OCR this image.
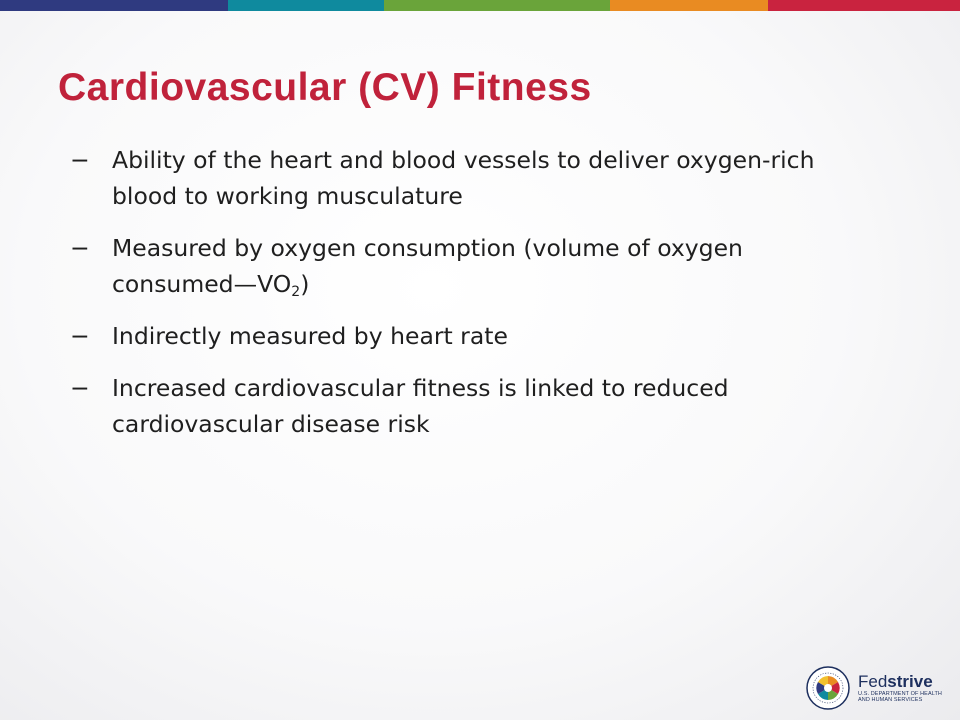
Cardiovascular (CV) Fitness
− Ability of the heart and blood vessels to deliver oxygen-rich blood to working musculature
− Measured by oxygen consumption (volume of oxygen $consumed—VO_2$)
− Indirectly measured by heart rate
− Increased cardiovascular fitness is linked to reduced cardiovascular disease risk
Fedstrive
U.S. DEPARTMENT OF HEALTH
AND HUMAN SERVICES
